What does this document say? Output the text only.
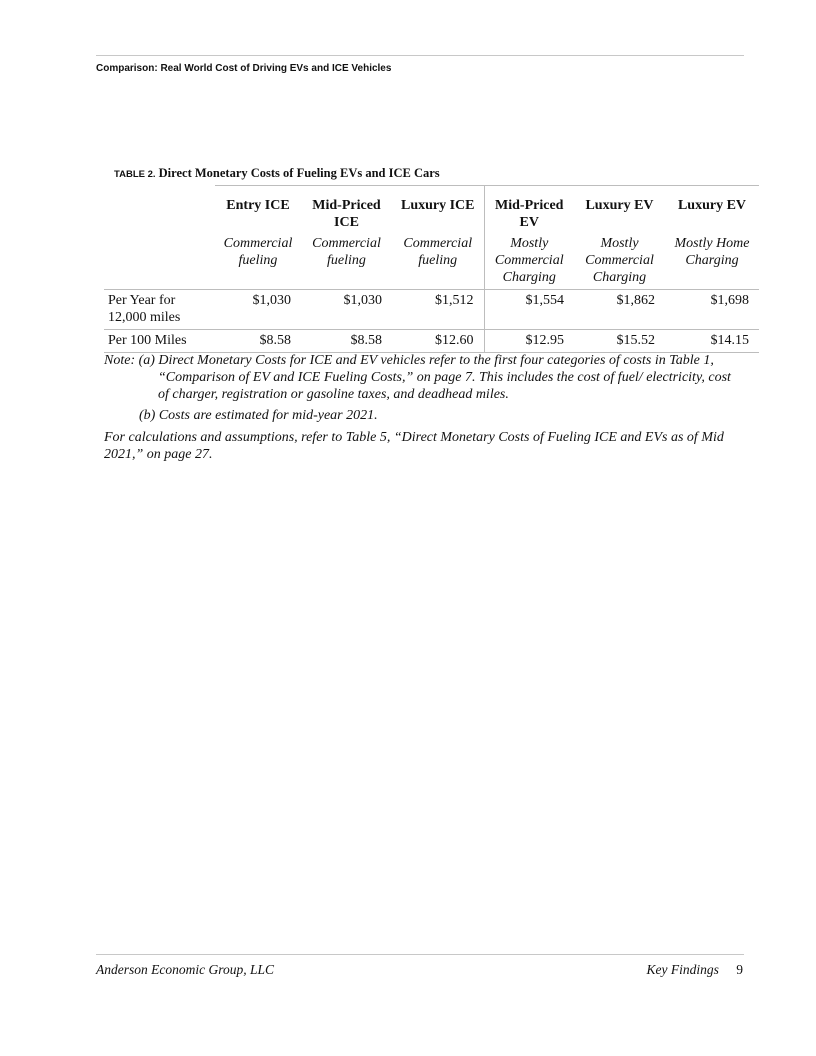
Comparison: Real World Cost of Driving EVs and ICE Vehicles
TABLE 2. Direct Monetary Costs of Fueling EVs and ICE Cars

	Entry ICE	Mid-Priced ICE	Luxury ICE	Mid-Priced EV	Luxury EV	Luxury EV
	Commercial fueling	Commercial fueling	Commercial fueling	Mostly Commercial Charging	Mostly Commercial Charging	Mostly Home Charging
Per Year for 12,000 miles	$1,030	$1,030	$1,512	$1,554	$1,862	$1,698
Per 100 Miles	$8.58	$8.58	$12.60	$12.95	$15.52	$14.15

Note: (a) Direct Monetary Costs for ICE and EV vehicles refer to the first four categories of costs in Table 1, “Comparison of EV and ICE Fueling Costs,” on page 7. This includes the cost of fuel/ electricity, cost of charger, registration or gasoline taxes, and deadhead miles.

(b) Costs are estimated for mid-year 2021.

For calculations and assumptions, refer to Table 5, “Direct Monetary Costs of Fueling ICE and EVs as of Mid 2021,” on page 27.

Anderson Economic Group, LLC	Key Findings 9
